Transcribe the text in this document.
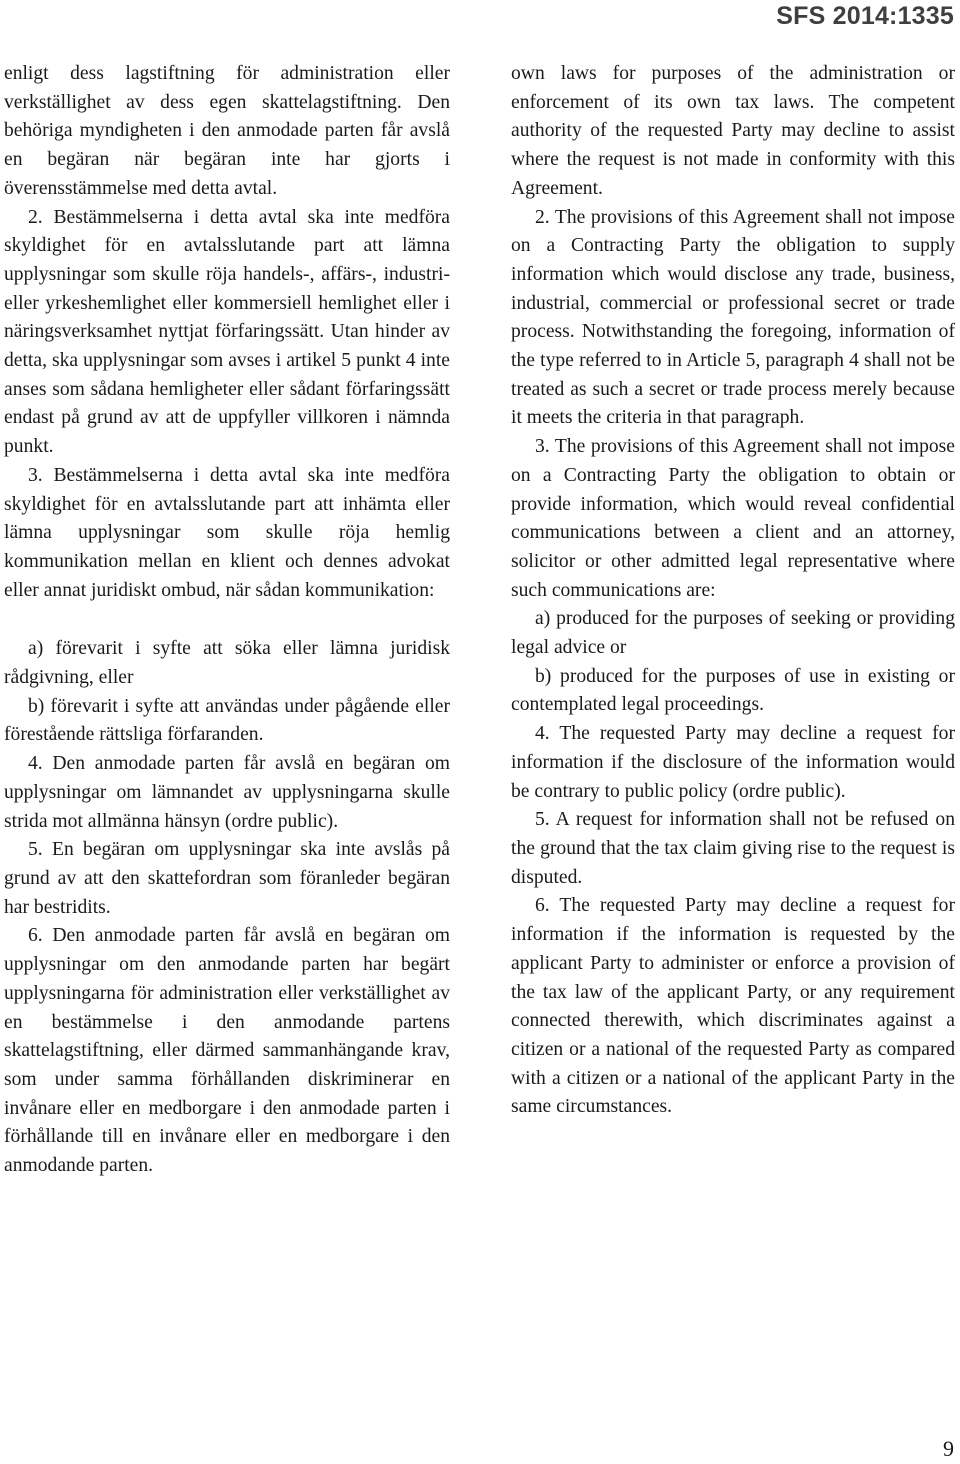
SFS 2014:1335

enligt dess lagstiftning för administration eller verkställighet av dess egen skattelagstiftning. Den behöriga myndigheten i den anmodade parten får avslå en begäran när begäran inte har gjorts i överensstämmelse med detta avtal.

2. Bestämmelserna i detta avtal ska inte medföra skyldighet för en avtalsslutande part att lämna upplysningar som skulle röja handels-, affärs-, industri- eller yrkeshemlighet eller kommersiell hemlighet eller i näringsverksamhet nyttjat förfaringssätt. Utan hinder av detta, ska upplysningar som avses i artikel 5 punkt 4 inte anses som sådana hemligheter eller sådant förfaringssätt endast på grund av att de uppfyller villkoren i nämnda punkt.

3. Bestämmelserna i detta avtal ska inte medföra skyldighet för en avtalsslutande part att inhämta eller lämna upplysningar som skulle röja hemlig kommunikation mellan en klient och dennes advokat eller annat juridiskt ombud, när sådan kommunikation:

a) förevarit i syfte att söka eller lämna juridisk rådgivning, eller

b) förevarit i syfte att användas under pågående eller förestående rättsliga förfaranden.

4. Den anmodade parten får avslå en begäran om upplysningar om lämnandet av upplysningarna skulle strida mot allmänna hänsyn (ordre public).

5. En begäran om upplysningar ska inte avslås på grund av att den skattefordran som föranleder begäran har bestridits.

6. Den anmodade parten får avslå en begäran om upplysningar om den anmodande parten har begärt upplysningarna för administration eller verkställighet av en bestämmelse i den anmodande partens skattelagstiftning, eller därmed sammanhängande krav, som under samma förhållanden diskriminerar en invånare eller en medborgare i den anmodade parten i förhållande till en invånare eller en medborgare i den anmodande parten.

own laws for purposes of the administration or enforcement of its own tax laws. The competent authority of the requested Party may decline to assist where the request is not made in conformity with this Agreement.

2. The provisions of this Agreement shall not impose on a Contracting Party the obligation to supply information which would disclose any trade, business, industrial, commercial or professional secret or trade process. Notwithstanding the foregoing, information of the type referred to in Article 5, paragraph 4 shall not be treated as such a secret or trade process merely because it meets the criteria in that paragraph.

3. The provisions of this Agreement shall not impose on a Contracting Party the obligation to obtain or provide information, which would reveal confidential communications between a client and an attorney, solicitor or other admitted legal representative where such communications are:

a) produced for the purposes of seeking or providing legal advice or

b) produced for the purposes of use in existing or contemplated legal proceedings.

4. The requested Party may decline a request for information if the disclosure of the information would be contrary to public policy (ordre public).

5. A request for information shall not be refused on the ground that the tax claim giving rise to the request is disputed.

6. The requested Party may decline a request for information if the information is requested by the applicant Party to administer or enforce a provision of the tax law of the applicant Party, or any requirement connected therewith, which discriminates against a citizen or a national of the requested Party as compared with a citizen or a national of the applicant Party in the same circumstances.

9
